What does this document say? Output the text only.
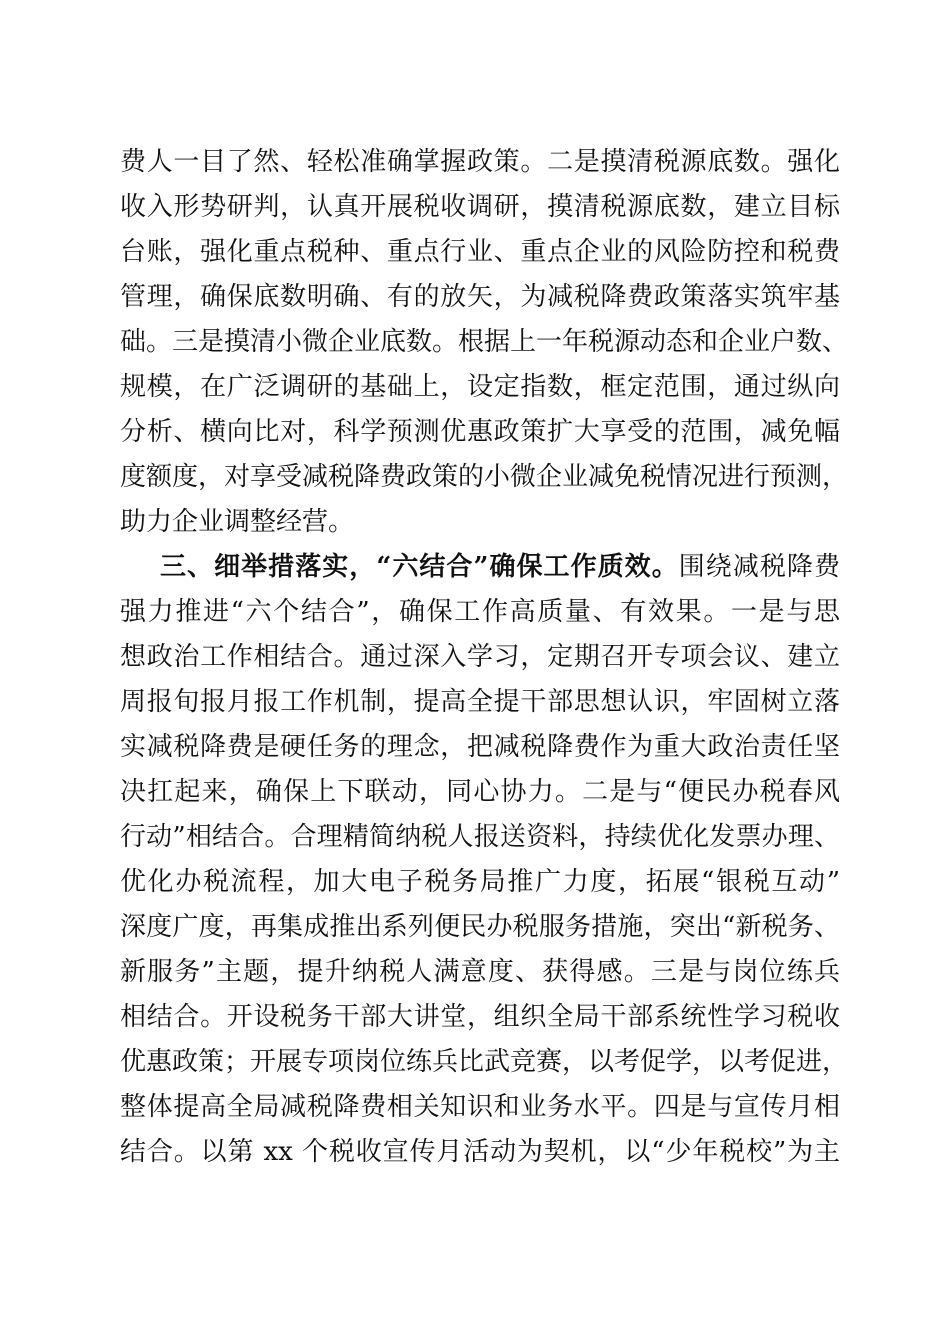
费人一目了然、轻松准确掌握政策。二是摸清税源底数。强化
收入形势研判，认真开展税收调研，摸清税源底数，建立目标
台账，强化重点税种、重点行业、重点企业的风险防控和税费
管理，确保底数明确、有的放矢，为减税降费政策落实筑牢基
础。三是摸清小微企业底数。根据上一年税源动态和企业户数、
规模，在广泛调研的基础上，设定指数，框定范围，通过纵向
分析、横向比对，科学预测优惠政策扩大享受的范围，减免幅
度额度，对享受减税降费政策的小微企业减免税情况进行预测，
助力企业调整经营。
三、细举措落实，“六结合”确保工作质效。围绕减税降费
强力推进“六个结合”，确保工作高质量、有效果。一是与思
想政治工作相结合。通过深入学习，定期召开专项会议、建立
周报旬报月报工作机制，提高全提干部思想认识，牢固树立落
实减税降费是硬任务的理念，把减税降费作为重大政治责任坚
决扛起来，确保上下联动，同心协力。二是与“便民办税春风
行动”相结合。合理精简纳税人报送资料，持续优化发票办理、
优化办税流程，加大电子税务局推广力度，拓展“银税互动”
深度广度，再集成推出系列便民办税服务措施，突出“新税务、
新服务”主题，提升纳税人满意度、获得感。三是与岗位练兵
相结合。开设税务干部大讲堂，组织全局干部系统性学习税收
优惠政策；开展专项岗位练兵比武竞赛，以考促学，以考促进，
整体提高全局减税降费相关知识和业务水平。四是与宣传月相
结合。以第 xx 个税收宣传月活动为契机，以“少年税校”为主
